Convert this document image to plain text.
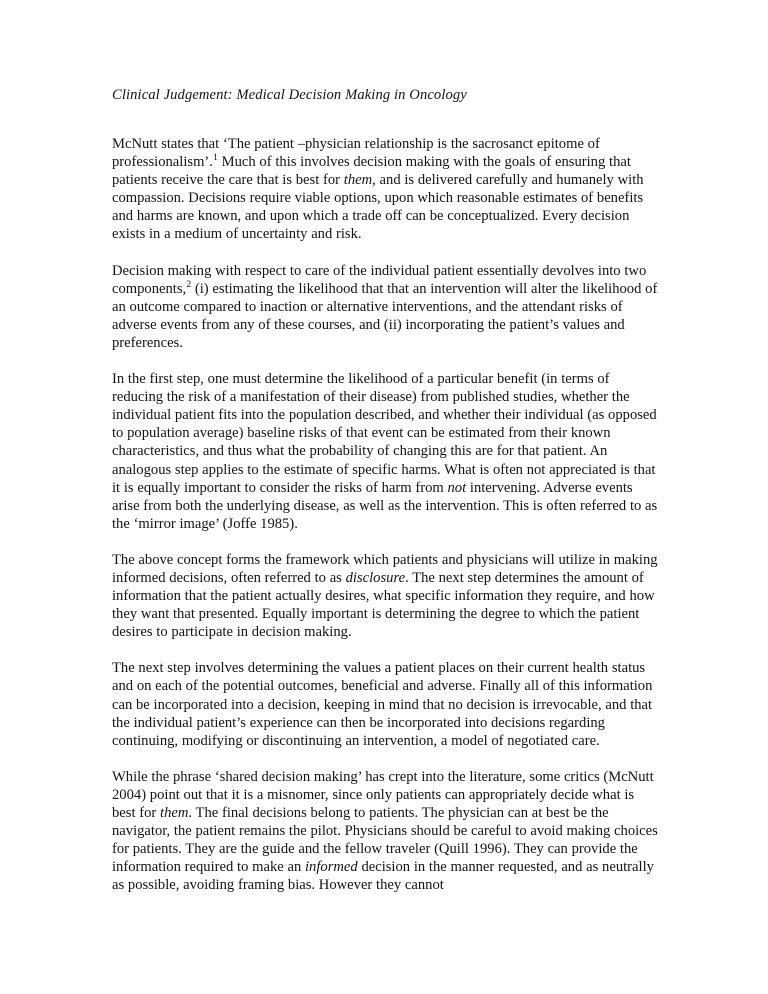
Clinical Judgement: Medical Decision Making in Oncology

McNutt states that ‘The patient –physician relationship is the sacrosanct epitome of professionalism’.$^1$ Much of this involves decision making with the goals of ensuring that patients receive the care that is best for them, and is delivered carefully and humanely with compassion. Decisions require viable options, upon which reasonable estimates of benefits and harms are known, and upon which a trade off can be conceptualized. Every decision exists in a medium of uncertainty and risk.

Decision making with respect to care of the individual patient essentially devolves into two components,$^2$ (i) estimating the likelihood that that an intervention will alter the likelihood of an outcome compared to inaction or alternative interventions, and the attendant risks of adverse events from any of these courses, and (ii) incorporating the patient’s values and preferences.

In the first step, one must determine the likelihood of a particular benefit (in terms of reducing the risk of a manifestation of their disease) from published studies, whether the individual patient fits into the population described, and whether their individual (as opposed to population average) baseline risks of that event can be estimated from their known characteristics, and thus what the probability of changing this are for that patient. An analogous step applies to the estimate of specific harms. What is often not appreciated is that it is equally important to consider the risks of harm from not intervening. Adverse events arise from both the underlying disease, as well as the intervention. This is often referred to as the ‘mirror image’ (Joffe 1985).

The above concept forms the framework which patients and physicians will utilize in making informed decisions, often referred to as disclosure. The next step determines the amount of information that the patient actually desires, what specific information they require, and how they want that presented. Equally important is determining the degree to which the patient desires to participate in decision making.

The next step involves determining the values a patient places on their current health status and on each of the potential outcomes, beneficial and adverse. Finally all of this information can be incorporated into a decision, keeping in mind that no decision is irrevocable, and that the individual patient’s experience can then be incorporated into decisions regarding continuing, modifying or discontinuing an intervention, a model of negotiated care.

While the phrase ‘shared decision making’ has crept into the literature, some critics (McNutt 2004) point out that it is a misnomer, since only patients can appropriately decide what is best for them. The final decisions belong to patients. The physician can at best be the navigator, the patient remains the pilot. Physicians should be careful to avoid making choices for patients. They are the guide and the fellow traveler (Quill 1996). They can provide the information required to make an informed decision in the manner requested, and as neutrally as possible, avoiding framing bias. However they cannot
